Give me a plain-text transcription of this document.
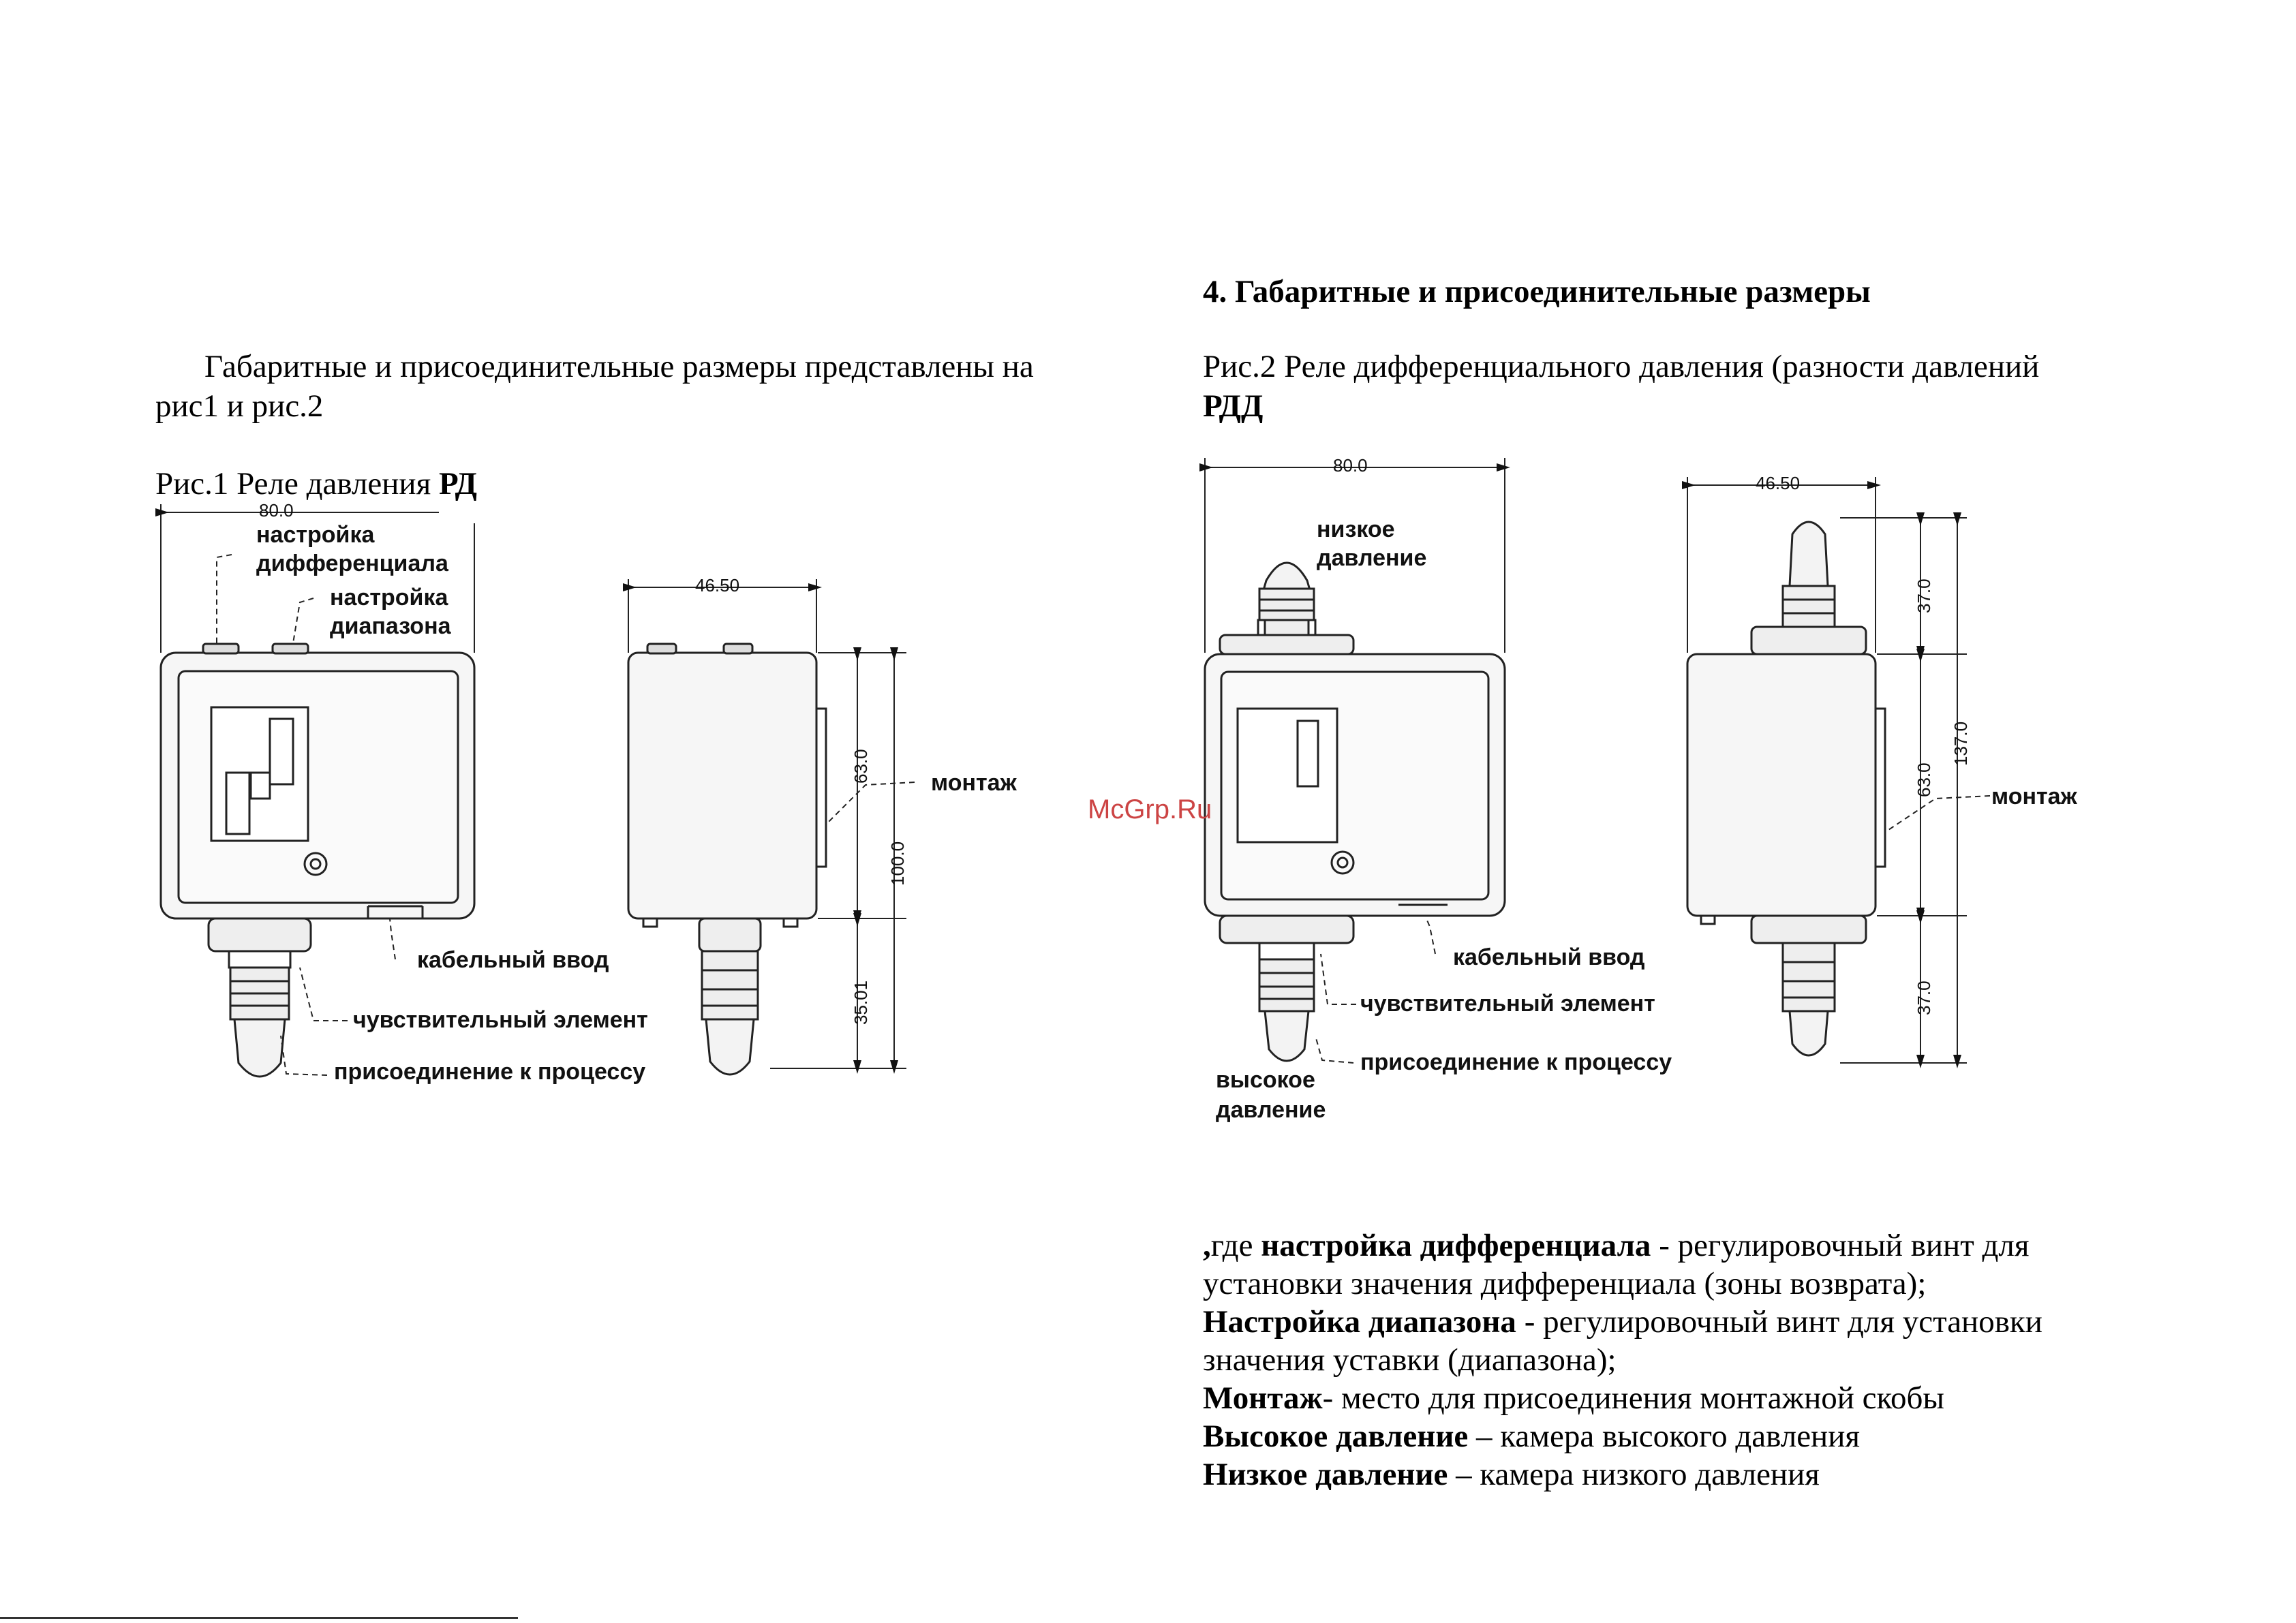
Габаритные и присоединительные размеры представлены на
рис1 и рис.2
Рис.1 Реле давления РД
80.0
46.50
63.0
100.0
35.01
настройка
дифференциала
настройка
диапазона
монтаж
кабельный ввод
чувствительный элемент
присоединение к процессу
4. Габаритные и присоединительные размеры
Рис.2 Реле дифференциального давления (разности давлений
РДД
80.0
46.50
37.0
63.0
37.0
137.0
низкое
давление
монтаж
кабельный ввод
чувствительный элемент
присоединение к процессу
высокое
давление
McGrp.Ru
,где настройка дифференциала - регулировочный винт для
установки значения дифференциала (зоны возврата);
Настройка диапазона - регулировочный винт для установки
значения уставки (диапазона);
Монтаж- место для присоединения монтажной скобы
Высокое давление – камера высокого давления
Низкое давление – камера низкого давления
